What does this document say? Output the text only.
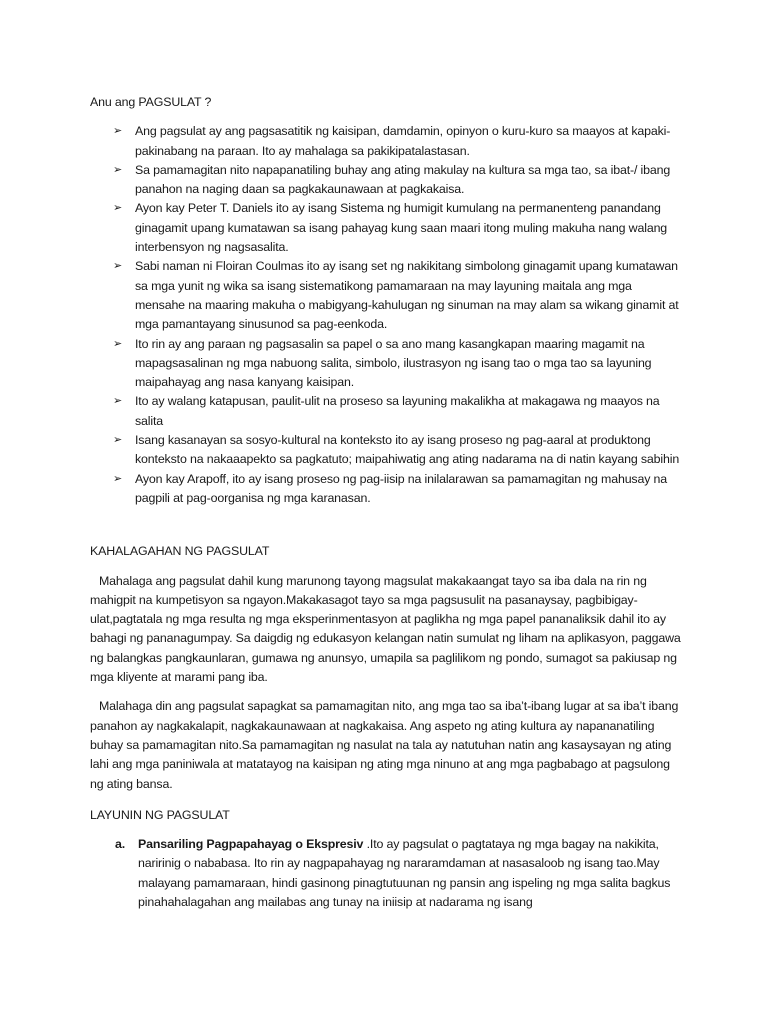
Anu ang PAGSULAT ?

➢ Ang pagsulat ay ang pagsasatitik ng kaisipan, damdamin, opinyon o kuru-kuro sa maayos at kapaki-pakinabang na paraan. Ito ay mahalaga sa pakikipatalastasan.
➢ Sa pamamagitan nito napapanatiling buhay ang ating makulay na kultura sa mga tao, sa ibat-/ ibang panahon na naging daan sa pagkakaunawaan at pagkakaisa.
➢ Ayon kay Peter T. Daniels ito ay isang Sistema ng humigit kumulang na permanenteng panandang ginagamit upang kumatawan sa isang pahayag kung saan maari itong muling makuha nang walang interbensyon ng nagsasalita.
➢ Sabi naman ni Floiran Coulmas ito ay isang set ng nakikitang simbolong ginagamit upang kumatawan sa mga yunit ng wika sa isang sistematikong pamamaraan na may layuning maitala ang mga mensahe na maaring makuha o mabigyang-kahulugan ng sinuman na may alam sa wikang ginamit at mga pamantayang sinusunod sa pag-eenkoda.
➢ Ito rin ay ang paraan ng pagsasalin sa papel o sa ano mang kasangkapan maaring magamit na mapagsasalinan ng mga nabuong salita, simbolo, ilustrasyon ng isang tao o mga tao sa layuning maipahayag ang nasa kanyang kaisipan.
➢ Ito ay walang katapusan, paulit-ulit na proseso sa layuning makalikha at makagawa ng maayos na salita
➢ Isang kasanayan sa sosyo-kultural na konteksto ito ay isang proseso ng pag-aaral at produktong konteksto na nakaaapekto sa pagkatuto; maipahiwatig ang ating nadarama na di natin kayang sabihin
➢ Ayon kay Arapoff, ito ay isang proseso ng pag-iisip na inilalarawan sa pamamagitan ng mahusay na pagpili at pag-oorganisa ng mga karanasan.

KAHALAGAHAN NG PAGSULAT

Mahalaga ang pagsulat dahil kung marunong tayong magsulat makakaangat tayo sa iba dala na rin ng mahigpit na kumpetisyon sa ngayon.Makakasagot tayo sa mga pagsusulit na pasanaysay, pagbibigay-ulat,pagtatala ng mga resulta ng mga eksperinmentasyon at paglikha ng mga papel pananaliksik dahil ito ay bahagi ng pananagumpay. Sa daigdig ng edukasyon kelangan natin sumulat ng liham na aplikasyon, paggawa ng balangkas pangkaunlaran, gumawa ng anunsyo, umapila sa paglilikom ng pondo, sumagot sa pakiusap ng mga kliyente at marami pang iba.

Malahaga din ang pagsulat sapagkat sa pamamagitan nito, ang mga tao sa iba’t-ibang lugar at sa iba’t ibang panahon ay nagkakalapit, nagkakaunawaan at nagkakaisa. Ang aspeto ng ating kultura ay napananatiling buhay sa pamamagitan nito.Sa pamamagitan ng nasulat na tala ay natutuhan natin ang kasaysayan ng ating lahi ang mga paniniwala at matatayog na kaisipan ng ating mga ninuno at ang mga pagbabago at pagsulong ng ating bansa.

LAYUNIN NG PAGSULAT

a. Pansariling Pagpapahayag o Ekspresiv .Ito ay pagsulat o pagtataya ng mga bagay na nakikita, naririnig o nababasa. Ito rin ay nagpapahayag ng nararamdaman at nasasaloob ng isang tao.May malayang pamamaraan, hindi gasinong pinagtutuunan ng pansin ang ispeling ng mga salita bagkus pinahahalagahan ang mailabas ang tunay na iniisip at nadarama ng isang
